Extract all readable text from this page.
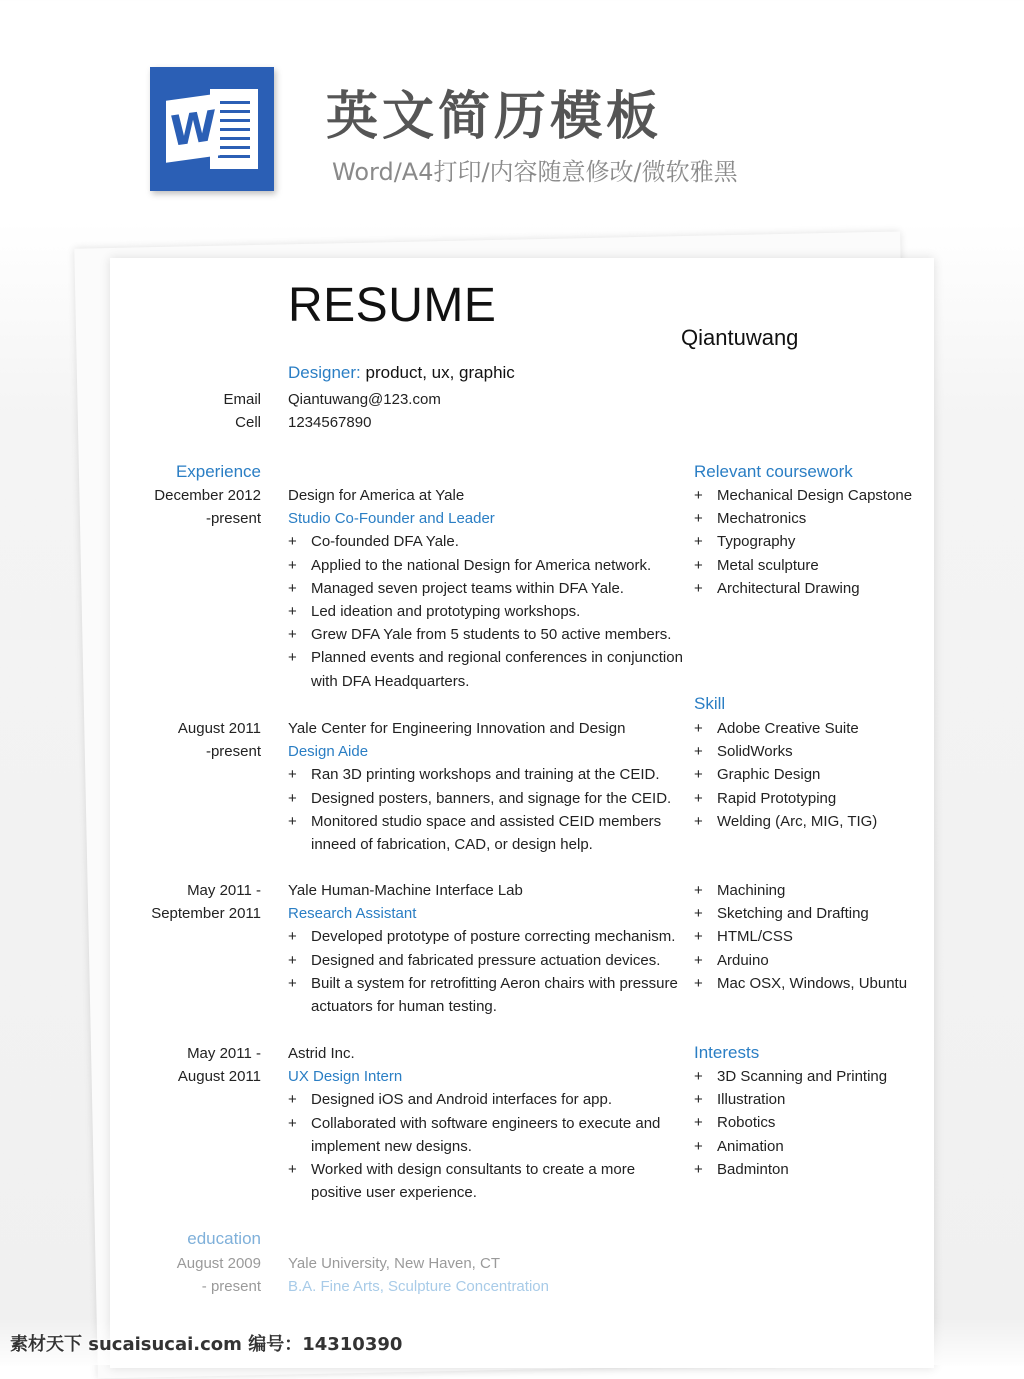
W 英文简历模板
Word/A4打印/内容随意修改/微软雅黑
RESUME
Qiantuwang
Designer: product, ux, graphic
Email Qiantuwang@123.com
Cell 1234567890
Experience
December 2012
-present
Design for America at Yale
Studio Co-Founder and Leader
+ Co-founded DFA Yale.
+ Applied to the national Design for America network.
+ Managed seven project teams within DFA Yale.
+ Led ideation and prototyping workshops.
+ Grew DFA Yale from 5 students to 50 active members.
+ Planned events and regional conferences in conjunction with DFA Headquarters.
August 2011
-present
Yale Center for Engineering Innovation and Design
Design Aide
+ Ran 3D printing workshops and training at the CEID.
+ Designed posters, banners, and signage for the CEID.
+ Monitored studio space and assisted CEID members inneed of fabrication, CAD, or design help.
May 2011 -
September 2011
Yale Human-Machine Interface Lab
Research Assistant
+ Developed prototype of posture correcting mechanism.
+ Designed and fabricated pressure actuation devices.
+ Built a system for retrofitting Aeron chairs with pressure actuators for human testing.
May 2011 -
August 2011
Astrid Inc.
UX Design Intern
+ Designed iOS and Android interfaces for app.
+ Collaborated with software engineers to execute and implement new designs.
+ Worked with design consultants to create a more positive user experience.
education
August 2009
- present
Yale University, New Haven, CT
B.A. Fine Arts, Sculpture Concentration
Relevant coursework
+ Mechanical Design Capstone
+ Mechatronics
+ Typography
+ Metal sculpture
+ Architectural Drawing
Skill
+ Adobe Creative Suite
+ SolidWorks
+ Graphic Design
+ Rapid Prototyping
+ Welding (Arc, MIG, TIG)
+ Machining
+ Sketching and Drafting
+ HTML/CSS
+ Arduino
+ Mac OSX, Windows, Ubuntu
Interests
+ 3D Scanning and Printing
+ Illustration
+ Robotics
+ Animation
+ Badminton
素材天下 sucaisucai.com 编号：14310390
